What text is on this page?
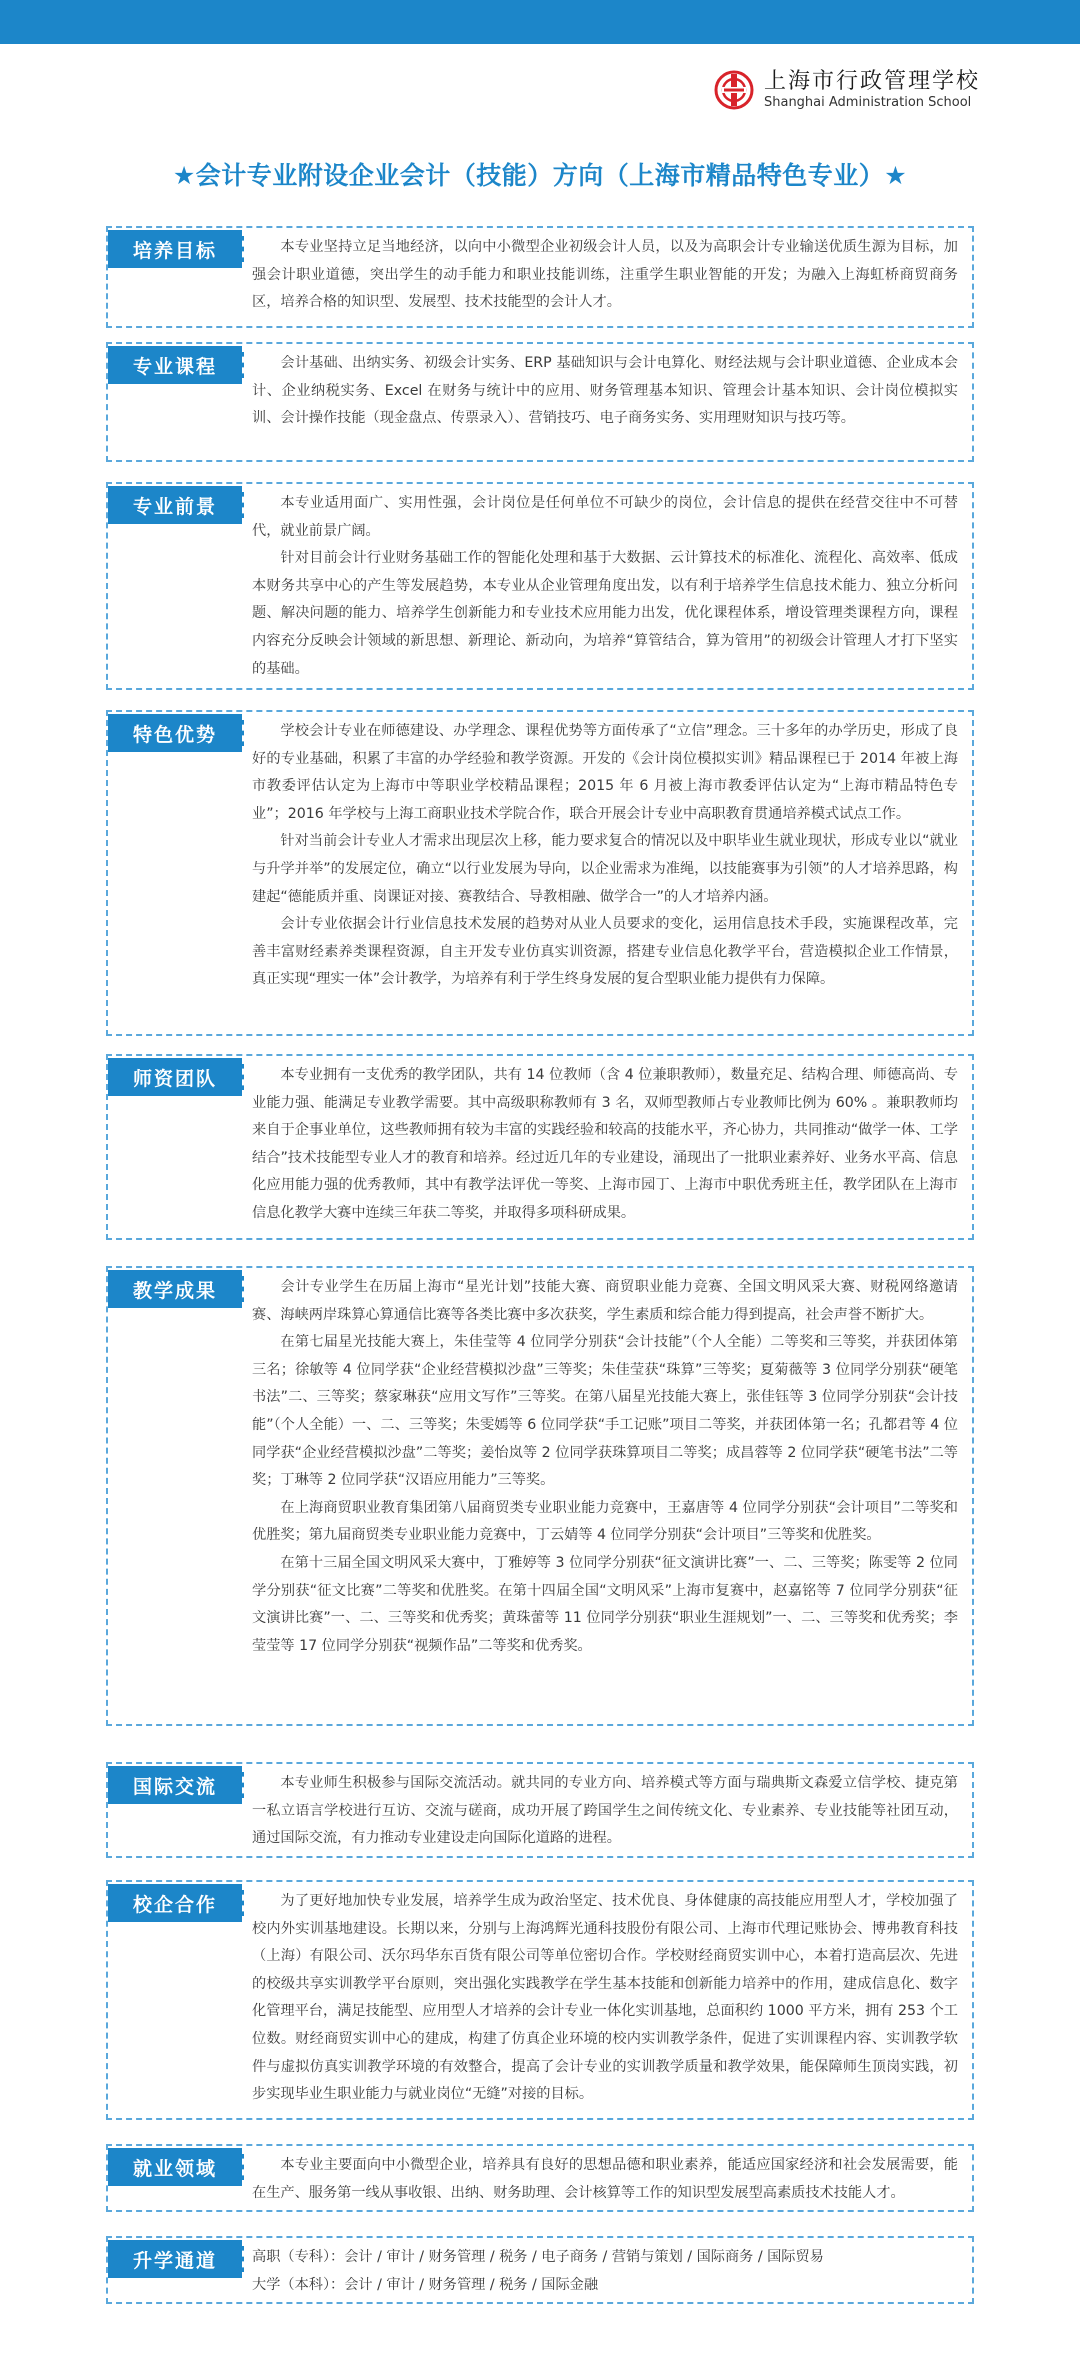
上海市行政管理学校
Shanghai Administration School
★会计专业附设企业会计（技能）方向（上海市精品特色专业）★
培养目标	本专业坚持立足当地经济，以向中小微型企业初级会计人员，以及为高职会计专业输送优质生源为目标，加强会计职业道德，突出学生的动手能力和职业技能训练，注重学生职业智能的开发；为融入上海虹桥商贸商务区，培养合格的知识型、发展型、技术技能型的会计人才。

专业课程	会计基础、出纳实务、初级会计实务、ERP 基础知识与会计电算化、财经法规与会计职业道德、企业成本会计、企业纳税实务、Excel 在财务与统计中的应用、财务管理基本知识、管理会计基本知识、会计岗位模拟实训、会计操作技能（现金盘点、传票录入）、营销技巧、电子商务实务、实用理财知识与技巧等。

专业前景	本专业适用面广、实用性强，会计岗位是任何单位不可缺少的岗位，会计信息的提供在经营交往中不可替代，就业前景广阔。

针对目前会计行业财务基础工作的智能化处理和基于大数据、云计算技术的标准化、流程化、高效率、低成本财务共享中心的产生等发展趋势，本专业从企业管理角度出发，以有利于培养学生信息技术能力、独立分析问题、解决问题的能力、培养学生创新能力和专业技术应用能力出发，优化课程体系，增设管理类课程方向，课程内容充分反映会计领域的新思想、新理论、新动向，为培养“算管结合，算为管用”的初级会计管理人才打下坚实的基础。

特色优势	学校会计专业在师德建设、办学理念、课程优势等方面传承了“立信”理念。三十多年的办学历史，形成了良好的专业基础，积累了丰富的办学经验和教学资源。开发的《会计岗位模拟实训》精品课程已于 2014 年被上海市教委评估认定为上海市中等职业学校精品课程；2015 年 6 月被上海市教委评估认定为“上海市精品特色专业”；2016 年学校与上海工商职业技术学院合作，联合开展会计专业中高职教育贯通培养模式试点工作。

针对当前会计专业人才需求出现层次上移，能力要求复合的情况以及中职毕业生就业现状，形成专业以“就业与升学并举”的发展定位，确立“以行业发展为导向，以企业需求为准绳，以技能赛事为引领”的人才培养思路，构建起“德能质并重、岗课证对接、赛教结合、导教相融、做学合一”的人才培养内涵。

会计专业依据会计行业信息技术发展的趋势对从业人员要求的变化，运用信息技术手段，实施课程改革，完善丰富财经素养类课程资源，自主开发专业仿真实训资源，搭建专业信息化教学平台，营造模拟企业工作情景，真正实现“理实一体”会计教学，为培养有利于学生终身发展的复合型职业能力提供有力保障。

师资团队	本专业拥有一支优秀的教学团队，共有 14 位教师（含 4 位兼职教师），数量充足、结构合理、师德高尚、专业能力强、能满足专业教学需要。其中高级职称教师有 3 名，双师型教师占专业教师比例为 60% 。兼职教师均来自于企事业单位，这些教师拥有较为丰富的实践经验和较高的技能水平，齐心协力，共同推动“做学一体、工学结合”技术技能型专业人才的教育和培养。经过近几年的专业建设，涌现出了一批职业素养好、业务水平高、信息化应用能力强的优秀教师，其中有教学法评优一等奖、上海市园丁、上海市中职优秀班主任，教学团队在上海市信息化教学大赛中连续三年获二等奖，并取得多项科研成果。

教学成果	会计专业学生在历届上海市“星光计划”技能大赛、商贸职业能力竞赛、全国文明风采大赛、财税网络邀请赛、海峡两岸珠算心算通信比赛等各类比赛中多次获奖，学生素质和综合能力得到提高，社会声誉不断扩大。

在第七届星光技能大赛上，朱佳莹等 4 位同学分别获“会计技能”（个人全能）二等奖和三等奖，并获团体第三名；徐敏等 4 位同学获“企业经营模拟沙盘”三等奖；朱佳莹获“珠算”三等奖；夏菊薇等 3 位同学分别获“硬笔书法”二、三等奖；蔡家琳获“应用文写作”三等奖。在第八届星光技能大赛上，张佳钰等 3 位同学分别获“会计技能”（个人全能）一、二、三等奖；朱雯嫣等 6 位同学获“手工记账”项目二等奖，并获团体第一名；孔都君等 4 位同学获“企业经营模拟沙盘”二等奖；姜怡岚等 2 位同学获珠算项目二等奖；成昌蓉等 2 位同学获“硬笔书法”二等奖；丁琳等 2 位同学获“汉语应用能力”三等奖。

在上海商贸职业教育集团第八届商贸类专业职业能力竞赛中，王嘉唐等 4 位同学分别获“会计项目”二等奖和优胜奖；第九届商贸类专业职业能力竞赛中，丁云婧等 4 位同学分别获“会计项目”三等奖和优胜奖。

在第十三届全国文明风采大赛中，丁雅婷等 3 位同学分别获“征文演讲比赛”一、二、三等奖；陈雯等 2 位同学分别获“征文比赛”二等奖和优胜奖。在第十四届全国“文明风采”上海市复赛中，赵嘉铭等 7 位同学分别获“征文演讲比赛”一、二、三等奖和优秀奖；黄珠蕾等 11 位同学分别获“职业生涯规划”一、二、三等奖和优秀奖；李莹莹等 17 位同学分别获“视频作品”二等奖和优秀奖。

国际交流	本专业师生积极参与国际交流活动。就共同的专业方向、培养模式等方面与瑞典斯文森爱立信学校、捷克第一私立语言学校进行互访、交流与磋商，成功开展了跨国学生之间传统文化、专业素养、专业技能等社团互动，通过国际交流，有力推动专业建设走向国际化道路的进程。

校企合作	为了更好地加快专业发展，培养学生成为政治坚定、技术优良、身体健康的高技能应用型人才，学校加强了校内外实训基地建设。长期以来，分别与上海鸿辉光通科技股份有限公司、上海市代理记账协会、博弗教育科技（上海）有限公司、沃尔玛华东百货有限公司等单位密切合作。学校财经商贸实训中心，本着打造高层次、先进的校级共享实训教学平台原则，突出强化实践教学在学生基本技能和创新能力培养中的作用，建成信息化、数字化管理平台，满足技能型、应用型人才培养的会计专业一体化实训基地，总面积约 1000 平方米，拥有 253 个工位数。财经商贸实训中心的建成，构建了仿真企业环境的校内实训教学条件，促进了实训课程内容、实训教学软件与虚拟仿真实训教学环境的有效整合，提高了会计专业的实训教学质量和教学效果，能保障师生顶岗实践，初步实现毕业生职业能力与就业岗位“无缝”对接的目标。

就业领域	本专业主要面向中小微型企业，培养具有良好的思想品德和职业素养，能适应国家经济和社会发展需要，能在生产、服务第一线从事收银、出纳、财务助理、会计核算等工作的知识型发展型高素质技术技能人才。

升学通道	高职（专科）：会计 / 审计 / 财务管理 / 税务 / 电子商务 / 营销与策划 / 国际商务 / 国际贸易

大学（本科）：会计 / 审计 / 财务管理 / 税务 / 国际金融
